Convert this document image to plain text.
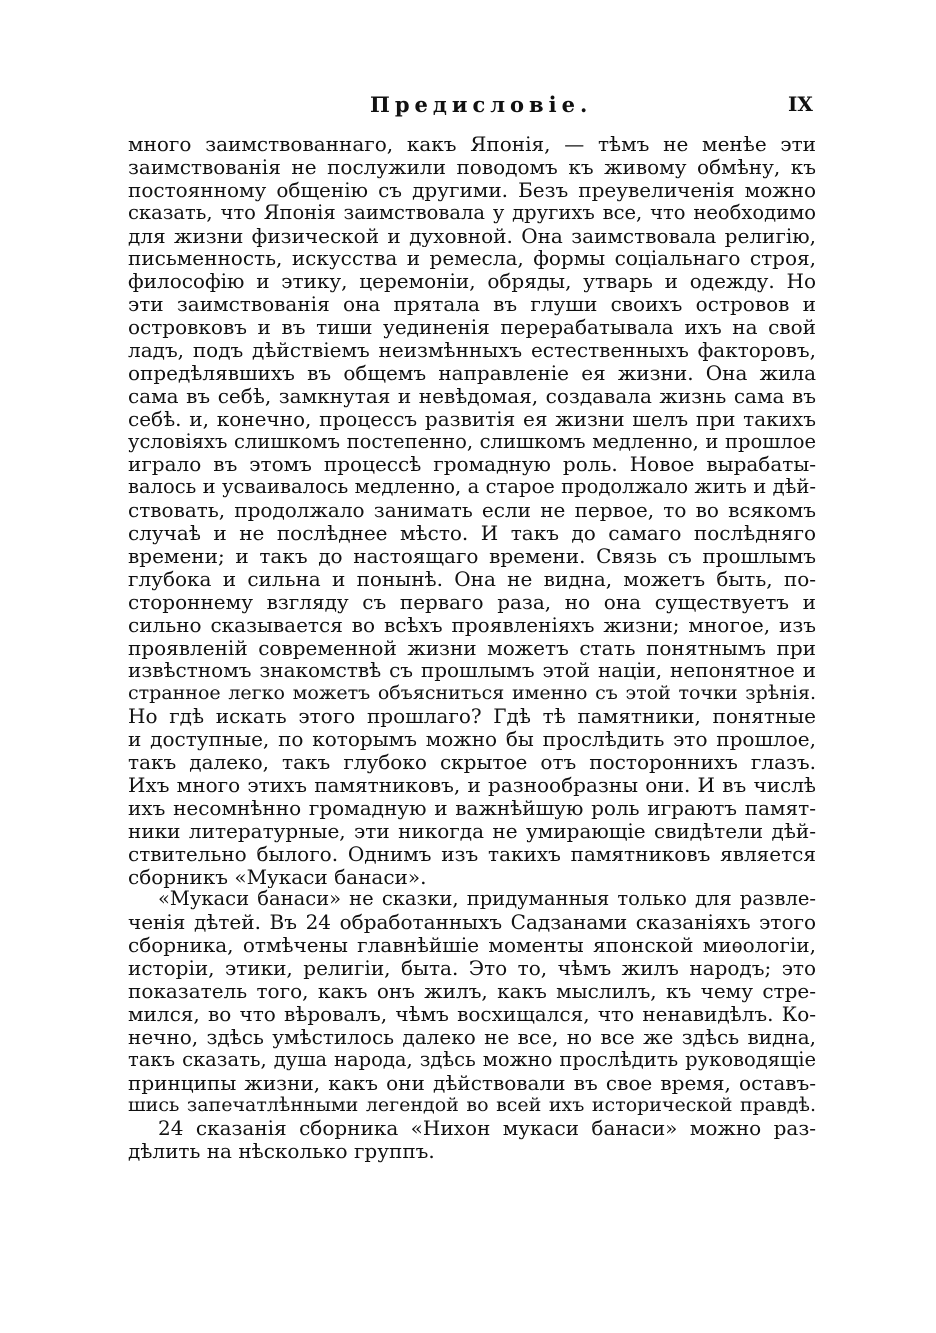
Предисловіе.	IX
много заимствованнаго, какъ Японія, — тѣмъ не менѣе эти
заимствованія не послужили поводомъ къ живому обмѣну, къ
постоянному общенію съ другими. Безъ преувеличенія можно
сказать, что Японія заимствовала у другихъ все, что необходимо
для жизни физической и духовной. Она заимствовала религію,
письменность, искусства и ремесла, формы соціальнаго строя,
философію и этику, церемоніи, обряды, утварь и одежду. Но
эти заимствованія она прятала въ глуши своихъ островов и
островковъ и въ тиши уединенія перерабатывала ихъ на свой
ладъ, подъ дѣйствіемъ неизмѣнныхъ естественныхъ факторовъ,
опредѣлявшихъ въ общемъ направленіе ея жизни. Она жила
сама въ себѣ, замкнутая и невѣдомая, создавала жизнь сама въ
себѣ. и, конечно, процессъ развитія ея жизни шелъ при такихъ
условіяхъ слишкомъ постепенно, слишкомъ медленно, и прошлое
играло въ этомъ процессѣ громадную роль. Новое вырабаты-
валось и усваивалось медленно, а старое продолжало жить и дѣй-
ствовать, продолжало занимать если не первое, то во всякомъ
случаѣ и не послѣднее мѣсто. И такъ до самаго послѣдняго
времени; и такъ до настоящаго времени. Связь съ прошлымъ
глубока и сильна и понынѣ. Она не видна, можетъ быть, по-
стороннему взгляду съ перваго раза, но она существуетъ и
сильно сказывается во всѣхъ проявленіяхъ жизни; многое, изъ
проявленій современной жизни можетъ стать понятнымъ при
извѣстномъ знакомствѣ съ прошлымъ этой націи, непонятное и
странное легко можетъ объясниться именно съ этой точки зрѣнія.
Но гдѣ искать этого прошлаго? Гдѣ тѣ памятники, понятные
и доступные, по которымъ можно бы прослѣдить это прошлое,
такъ далеко, такъ глубоко скрытое отъ постороннихъ глазъ.
Ихъ много этихъ памятниковъ, и разнообразны они. И въ числѣ
ихъ несомнѣнно громадную и важнѣйшую роль играютъ памят-
ники литературные, эти никогда не умирающіе свидѣтели дѣй-
ствительно былого. Однимъ изъ такихъ памятниковъ является
сборникъ «Мукаси банаси».
«Мукаси банаси» не сказки, придуманныя только для развле-
ченія дѣтей. Въ 24 обработанныхъ Садзанами сказаніяхъ этого
сборника, отмѣчены главнѣйшіе моменты японской миѳологіи,
исторіи, этики, религіи, быта. Это то, чѣмъ жилъ народъ; это
показатель того, какъ онъ жилъ, какъ мыслилъ, къ чему стре-
мился, во что вѣровалъ, чѣмъ восхищался, что ненавидѣлъ. Ко-
нечно, здѣсь умѣстилось далеко не все, но все же здѣсь видна,
такъ сказать, душа народа, здѣсь можно прослѣдить руководящіе
принципы жизни, какъ они дѣйствовали въ свое время, оставъ-
шись запечатлѣнными легендой во всей ихъ исторической правдѣ.
24 сказанія сборника «Нихон мукаси банаси» можно раз-
дѣлить на нѣсколько группъ.
